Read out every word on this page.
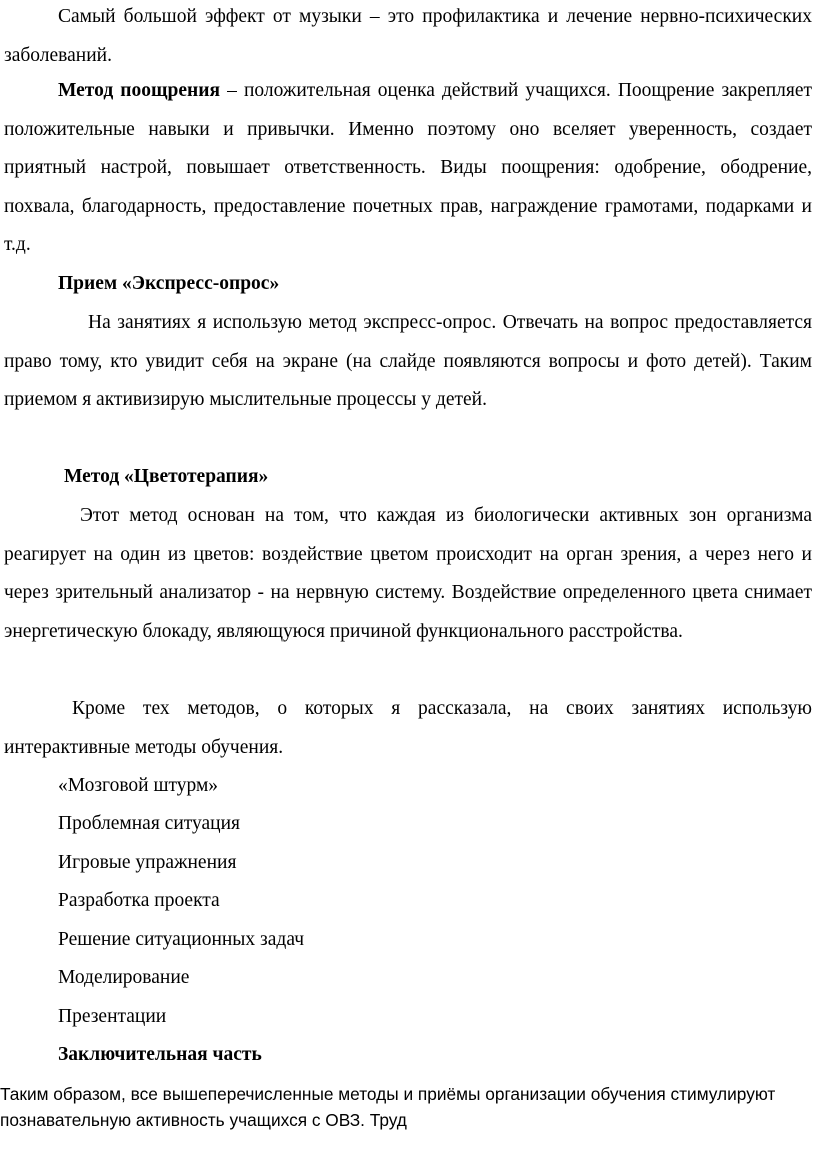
Самый большой эффект от музыки – это профилактика и лечение нервно-психических заболеваний.

Метод поощрения – положительная оценка действий учащихся. Поощрение закрепляет положительные навыки и привычки. Именно поэтому оно вселяет уверенность, создает приятный настрой, повышает ответственность. Виды поощрения: одобрение, ободрение, похвала, благодарность, предоставление почетных прав, награждение грамотами, подарками и т.д.

Прием «Экспресс-опрос»

На занятиях я использую метод экспресс-опрос. Отвечать на вопрос предоставляется право тому, кто увидит себя на экране (на слайде появляются вопросы и фото детей). Таким приемом я активизирую мыслительные процессы у детей.

Метод «Цветотерапия»

Этот метод основан на том, что каждая из биологически активных зон организма реагирует на один из цветов: воздействие цветом происходит на орган зрения, а через него и через зрительный анализатор - на нервную систему. Воздействие определенного цвета снимает энергетическую блокаду, являющуюся причиной функционального расстройства.

Кроме тех методов, о которых я рассказала, на своих занятиях использую интерактивные методы обучения.

«Мозговой штурм»

Проблемная ситуация

Игровые упражнения

Разработка проекта

Решение ситуационных задач

Моделирование

Презентации

Заключительная часть

Таким образом, все вышеперечисленные методы и приёмы организации обучения стимулируют познавательную активность учащихся с ОВЗ. Труд
